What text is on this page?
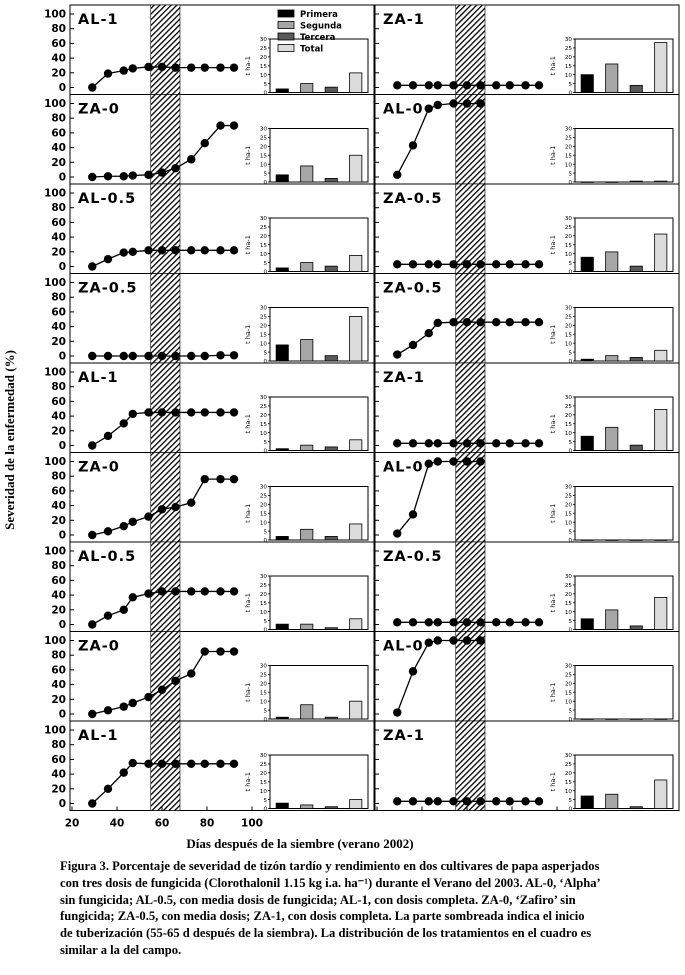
0
20
40
60
80
100 AL-1
0
5
10
15
20
25
30
t ha-1
Primera
Segunda
Tercera
Total
ZA-1
0
5
10
15
20
25
30
t ha-1
0
20
40
60
80
100 ZA-0
0
5
10
15
20
25
30
t ha-1
AL-0
0
5
10
15
20
25
30
t ha-1
0
20
40
60
80
100 AL-0.5
0
5
10
15
20
25
30
t ha-1
ZA-0.5
0
5
10
15
20
25
30
t ha-1
0
20
40
60
80
100 ZA-0.5
0
5
10
15
20
25
30
t ha-1
ZA-0.5
0
5
10
15
20
25
30
t ha-1
0
20
40
60
80
100 AL-1
0
5
10
15
20
25
30
t ha-1
ZA-1
0
5
10
15
20
25
30
t ha-1
0
20
40
60
80
100 ZA-0
0
5
10
15
20
25
30
t ha-1
AL-0
0
5
10
15
20
25
30
t ha-1
0
20
40
60
80
100 AL-0.5
0
5
10
15
20
25
30
t ha-1
ZA-0.5
0
5
10
15
20
25
30
t ha-1
0
20
40
60
80
100 ZA-0
0
5
10
15
20
25
30
t ha-1
AL-0
0
5
10
15
20
25
30
t ha-1
0
20
40
60
80
100 AL-1
0
5
10
15
20
25
30
t ha-1
ZA-1
0
5
10
15
20
25
30
t ha-1
20	40	60	80	100
Severidad de la enfermedad (%)
Días después de la siembre (verano 2002)
Figura 3. Porcentaje de severidad de tizón tardío y rendimiento en dos cultivares de papa asperjados
con tres dosis de fungicida (Clorothalonil 1.15 kg i.a. ha⁻¹) durante el Verano del 2003. AL-0, ‘Alpha’
sin fungicida; AL-0.5, con media dosis de fungicida; AL-1, con dosis completa. ZA-0, ‘Zafiro’ sin
fungicida; ZA-0.5, con media dosis; ZA-1, con dosis completa. La parte sombreada indica el inicio
de tuberización (55-65 d después de la siembra). La distribución de los tratamientos en el cuadro es
similar a la del campo.
